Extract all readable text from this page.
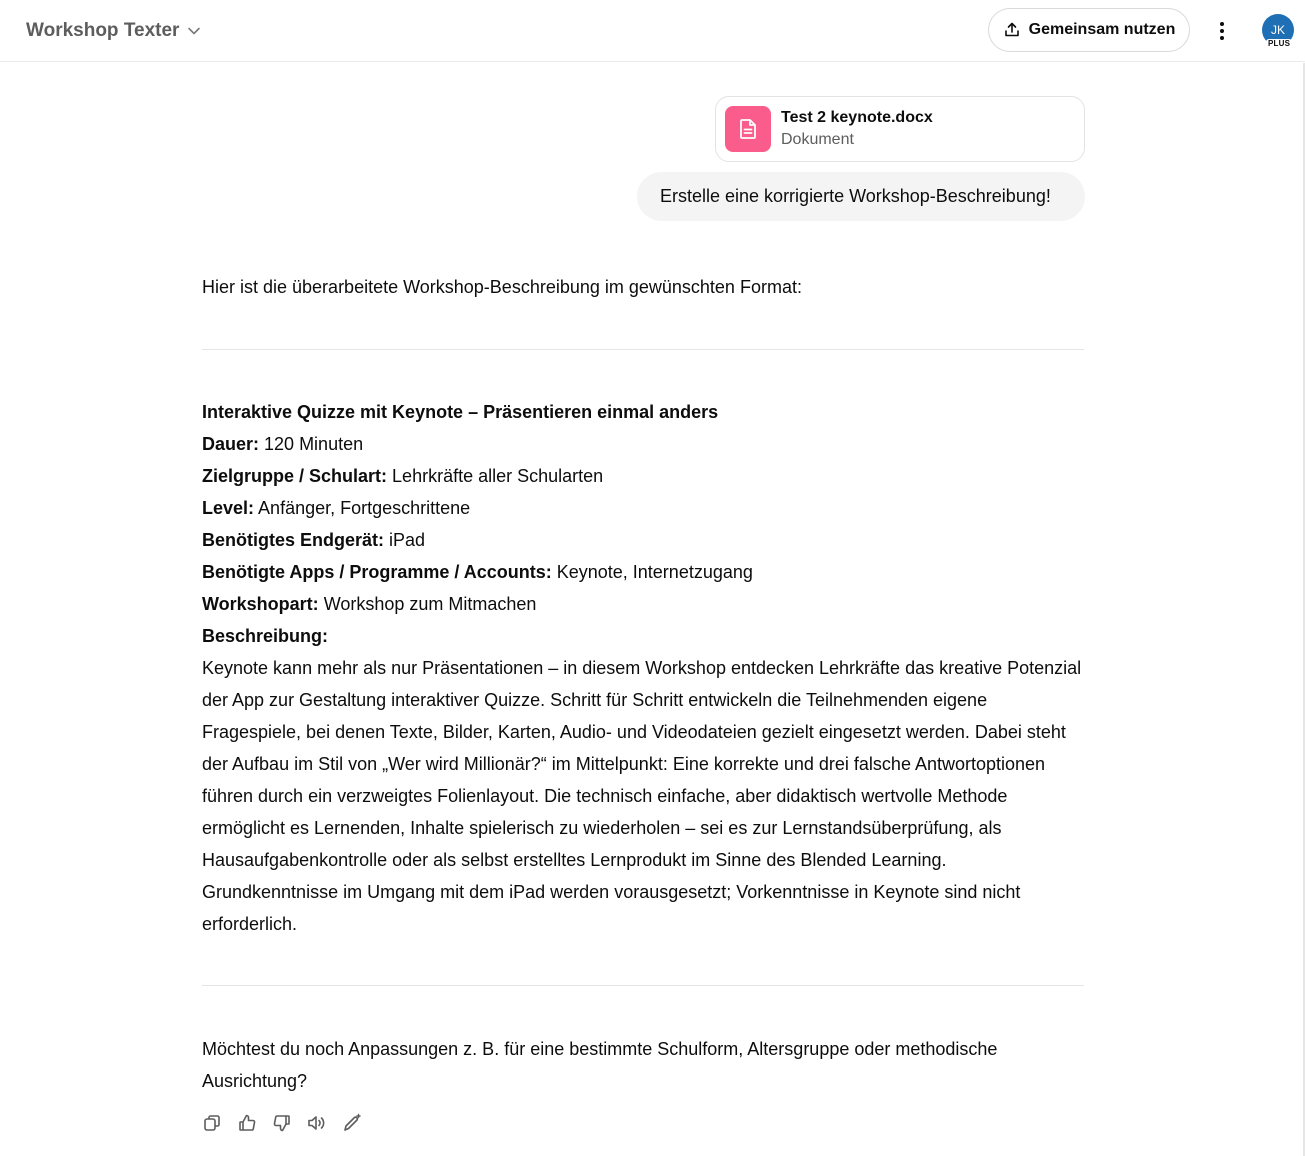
Workshop Texter	Gemeinsam nutzen	JK
PLUS
Test 2 keynote.docx
Dokument
Erstelle eine korrigierte Workshop-Beschreibung!
Hier ist die überarbeitete Workshop-Beschreibung im gewünschten Format:
Interaktive Quizze mit Keynote – Präsentieren einmal anders
Dauer: 120 Minuten
Zielgruppe / Schulart: Lehrkräfte aller Schularten
Level: Anfänger, Fortgeschrittene
Benötigtes Endgerät: iPad
Benötigte Apps / Programme / Accounts: Keynote, Internetzugang
Workshopart: Workshop zum Mitmachen
Beschreibung:
Keynote kann mehr als nur Präsentationen – in diesem Workshop entdecken Lehrkräfte das kreative Potenzial der App zur Gestaltung interaktiver Quizze. Schritt für Schritt entwickeln die Teilnehmenden eigene Fragespiele, bei denen Texte, Bilder, Karten, Audio- und Videodateien gezielt eingesetzt werden. Dabei steht der Aufbau im Stil von „Wer wird Millionär?“ im Mittelpunkt: Eine korrekte und drei falsche Antwortoptionen führen durch ein verzweigtes Folienlayout. Die technisch einfache, aber didaktisch wertvolle Methode ermöglicht es Lernenden, Inhalte spielerisch zu wiederholen – sei es zur Lernstandsüberprüfung, als Hausaufgabenkontrolle oder als selbst erstelltes Lernprodukt im Sinne des Blended Learning. Grundkenntnisse im Umgang mit dem iPad werden vorausgesetzt; Vorkenntnisse in Keynote sind nicht erforderlich.
Möchtest du noch Anpassungen z. B. für eine bestimmte Schulform, Altersgruppe oder methodische Ausrichtung?
